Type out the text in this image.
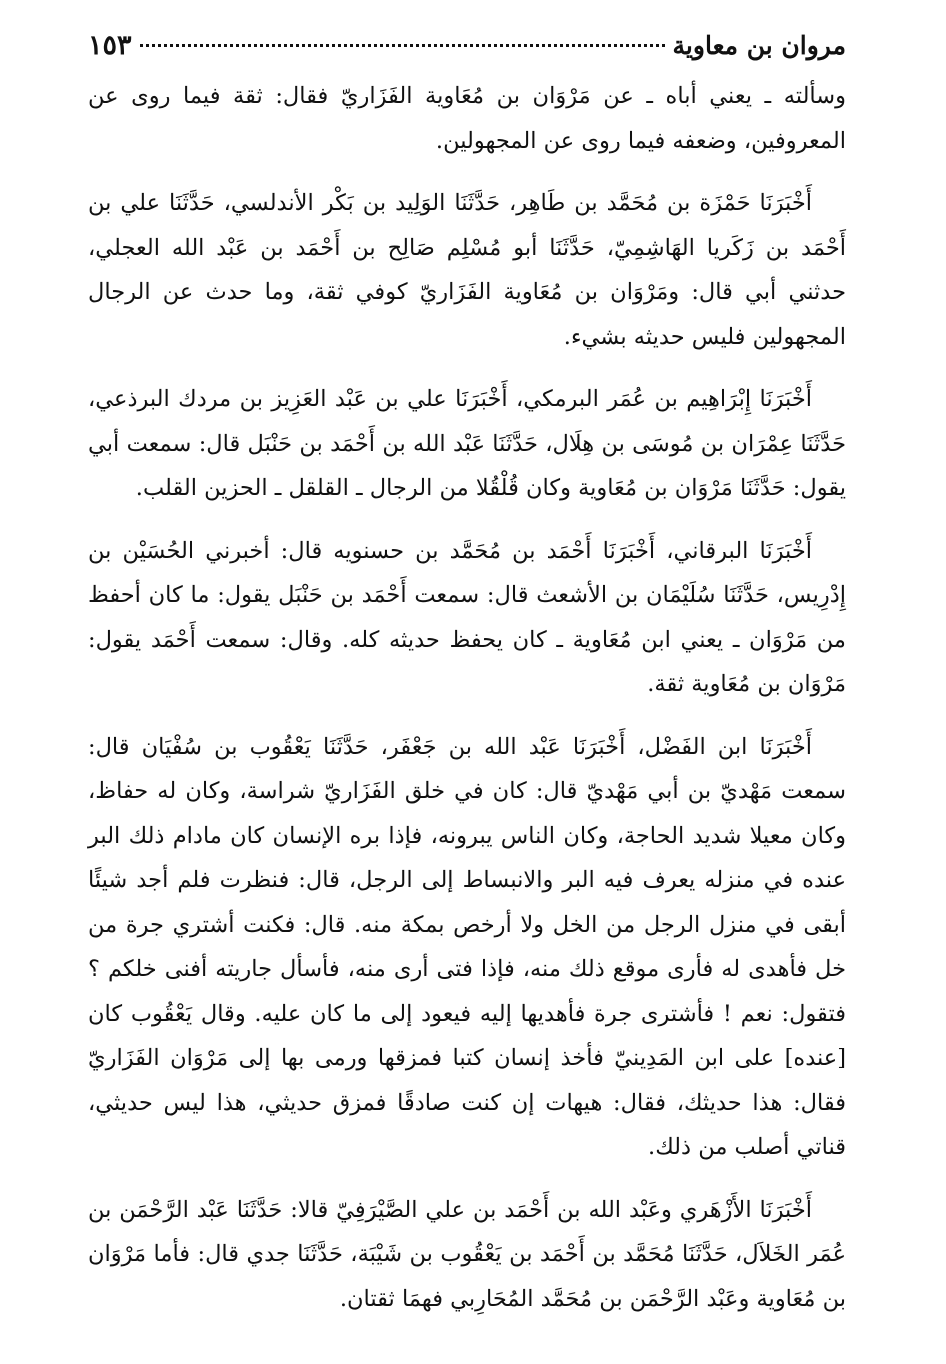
مروان بن معاوية
١٥٣

وسألته ـ يعني أباه ـ عن مَرْوَان بن مُعَاوية الفَزَاريّ فقال: ثقة فيما روى عن المعروفين، وضعفه فيما روى عن المجهولين.

أَخْبَرَنَا حَمْزَة بن مُحَمَّد بن طَاهِر، حَدَّثَنَا الوَلِيد بن بَكْر الأندلسي، حَدَّثَنَا علي بن أَحْمَد بن زَكَريا الهَاشِمِيّ، حَدَّثَنَا أبو مُسْلِم صَالِح بن أَحْمَد بن عَبْد الله العجلي، حدثني أبي قال: ومَرْوَان بن مُعَاوية الفَزَاريّ كوفي ثقة، وما حدث عن الرجال المجهولين فليس حديثه بشيء.

أَخْبَرَنَا إِبْرَاهِيم بن عُمَر البرمكي، أَخْبَرَنَا علي بن عَبْد العَزِيز بن مردك البرذعي، حَدَّثَنَا عِمْرَان بن مُوسَى بن هِلَال، حَدَّثَنَا عَبْد الله بن أَحْمَد بن حَنْبَل قال: سمعت أبي يقول: حَدَّثَنَا مَرْوَان بن مُعَاوية وكان قُلْقُلا من الرجال ـ القلقل ـ الحزين القلب.

أَخْبَرَنَا البرقاني، أَخْبَرَنَا أَحْمَد بن مُحَمَّد بن حسنويه قال: أخبرني الحُسَيْن بن إِدْرِيس، حَدَّثَنَا سُلَيْمَان بن الأشعث قال: سمعت أَحْمَد بن حَنْبَل يقول: ما كان أحفظ من مَرْوَان ـ يعني ابن مُعَاوية ـ كان يحفظ حديثه كله. وقال: سمعت أَحْمَد يقول: مَرْوَان بن مُعَاوية ثقة.

أَخْبَرَنَا ابن الفَضْل، أَخْبَرَنَا عَبْد الله بن جَعْفَر، حَدَّثَنَا يَعْقُوب بن سُفْيَان قال: سمعت مَهْديّ بن أبي مَهْديّ قال: كان في خلق الفَزَاريّ شراسة، وكان له حفاظ، وكان معيلا شديد الحاجة، وكان الناس يبرونه، فإذا بره الإنسان كان مادام ذلك البر عنده في منزله يعرف فيه البر والانبساط إلى الرجل، قال: فنظرت فلم أجد شيئًا أبقى في منزل الرجل من الخل ولا أرخص بمكة منه. قال: فكنت أشتري جرة من خل فأهدى له فأرى موقع ذلك منه، فإذا فتى أرى منه، فأسأل جاريته أفنى خلكم ؟ فتقول: نعم ! فأشترى جرة فأهديها إليه فيعود إلى ما كان عليه. وقال يَعْقُوب كان [عنده] على ابن المَدِينيّ فأخذ إنسان كتبا فمزقها ورمى بها إلى مَرْوَان الفَزَاريّ فقال: هذا حديثك، فقال: هيهات إن كنت صادقًا فمزق حديثي، هذا ليس حديثي، قناتي أصلب من ذلك.

أَخْبَرَنَا الأَزْهَري وعَبْد الله بن أَحْمَد بن علي الصَّيْرَفِيّ قالا: حَدَّثَنَا عَبْد الرَّحْمَن بن عُمَر الخَلاَل، حَدَّثَنَا مُحَمَّد بن أَحْمَد بن يَعْقُوب بن شَيْبَة، حَدَّثَنَا جدي قال: فأما مَرْوَان بن مُعَاوية وعَبْد الرَّحْمَن بن مُحَمَّد المُحَارِبي فهمَا ثقتان.
